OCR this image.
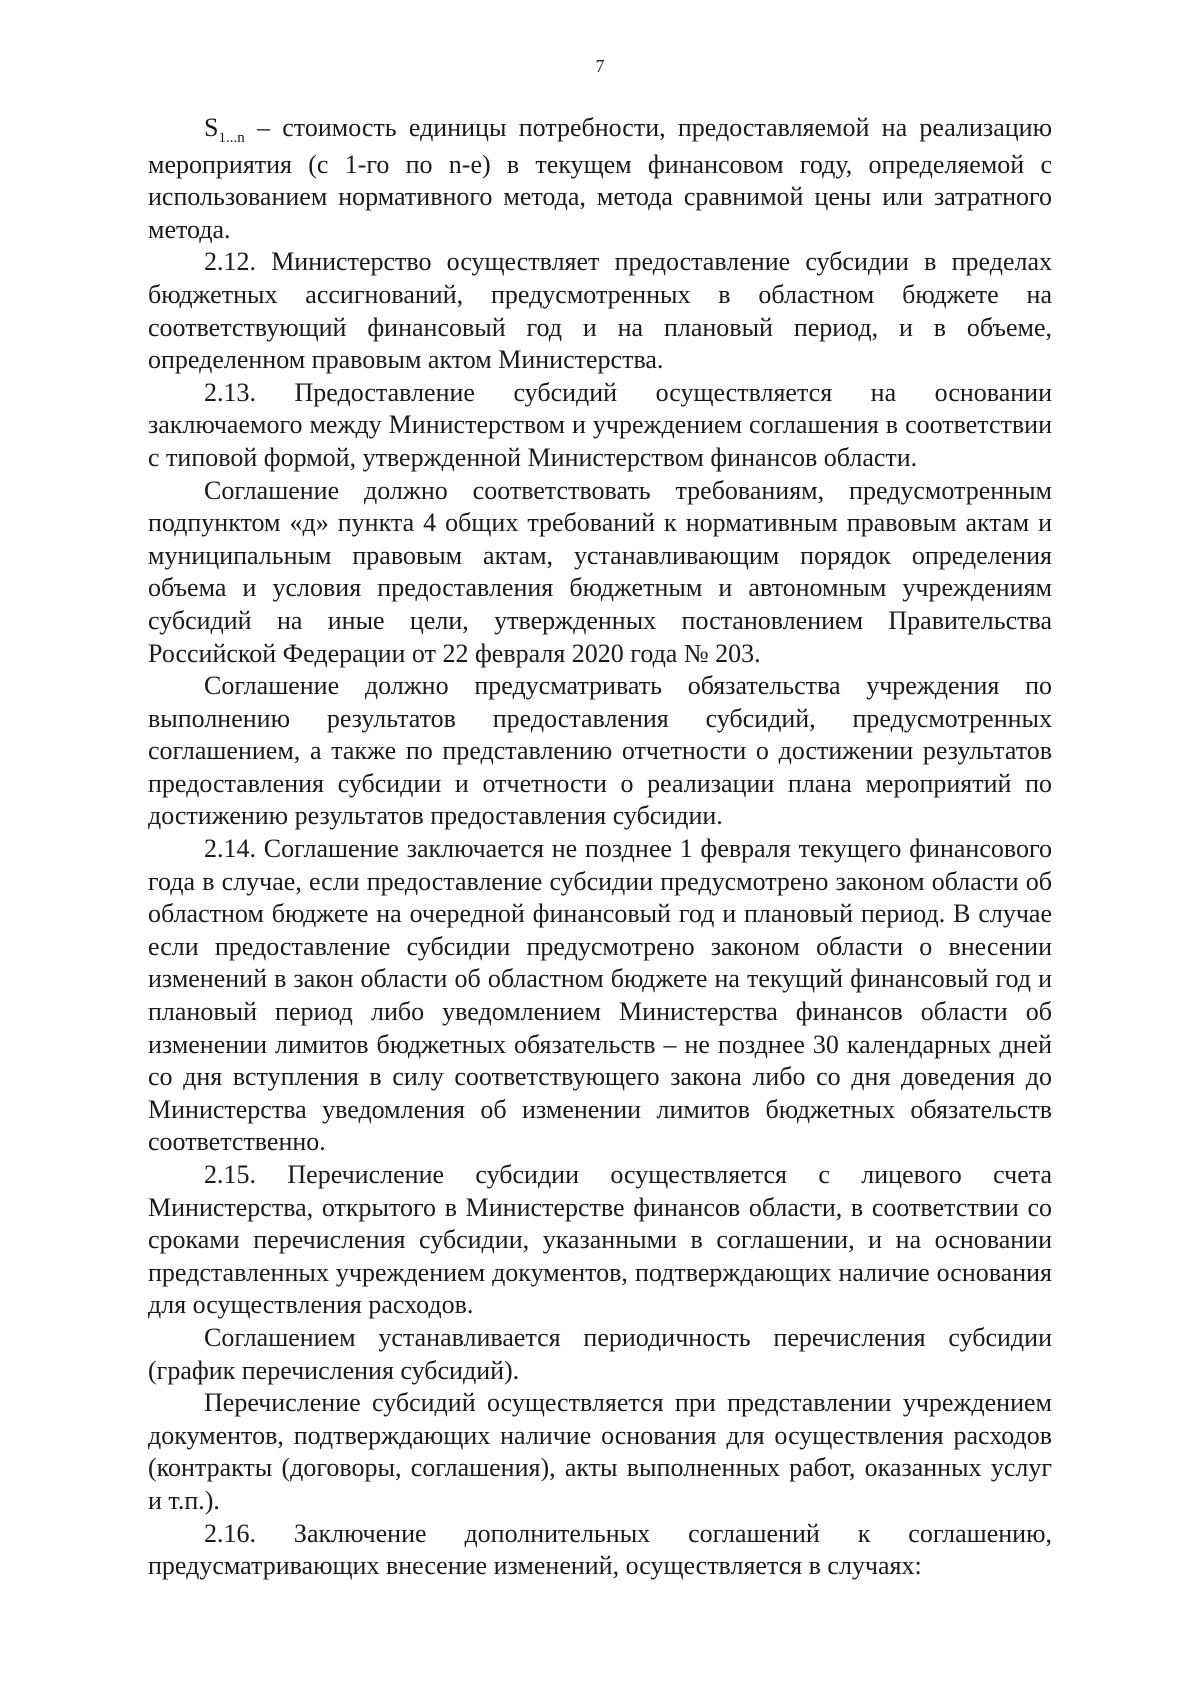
7

$S_{1...n}$ – стоимость единицы потребности, предоставляемой на реализацию мероприятия (с 1-го по n-е) в текущем финансовом году, определяемой с использованием нормативного метода, метода сравнимой цены или затратного метода.

2.12. Министерство осуществляет предоставление субсидии в пределах бюджетных ассигнований, предусмотренных в областном бюджете на соответствующий финансовый год и на плановый период, и в объеме, определенном правовым актом Министерства.

2.13. Предоставление субсидий осуществляется на основании заключаемого между Министерством и учреждением соглашения в соответствии с типовой формой, утвержденной Министерством финансов области.

Соглашение должно соответствовать требованиям, предусмотренным подпунктом «д» пункта 4 общих требований к нормативным правовым актам и муниципальным правовым актам, устанавливающим порядок определения объема и условия предоставления бюджетным и автономным учреждениям субсидий на иные цели, утвержденных постановлением Правительства Российской Федерации от 22 февраля 2020 года № 203.

Соглашение должно предусматривать обязательства учреждения по выполнению результатов предоставления субсидий, предусмотренных соглашением, а также по представлению отчетности о достижении результатов предоставления субсидии и отчетности о реализации плана мероприятий по достижению результатов предоставления субсидии.

2.14. Соглашение заключается не позднее 1 февраля текущего финансового года в случае, если предоставление субсидии предусмотрено законом области об областном бюджете на очередной финансовый год и плановый период. В случае если предоставление субсидии предусмотрено законом области о внесении изменений в закон области об областном бюджете на текущий финансовый год и плановый период либо уведомлением Министерства финансов области об изменении лимитов бюджетных обязательств – не позднее 30 календарных дней со дня вступления в силу соответствующего закона либо со дня доведения до Министерства уведомления об изменении лимитов бюджетных обязательств соответственно.

2.15. Перечисление субсидии осуществляется с лицевого счета Министерства, открытого в Министерстве финансов области, в соответствии со сроками перечисления субсидии, указанными в соглашении, и на основании представленных учреждением документов, подтверждающих наличие основания для осуществления расходов.

Соглашением устанавливается периодичность перечисления субсидии (график перечисления субсидий).

Перечисление субсидий осуществляется при представлении учреждением документов, подтверждающих наличие основания для осуществления расходов (контракты (договоры, соглашения), акты выполненных работ, оказанных услуг и т.п.).

2.16. Заключение дополнительных соглашений к соглашению, предусматривающих внесение изменений, осуществляется в случаях:
